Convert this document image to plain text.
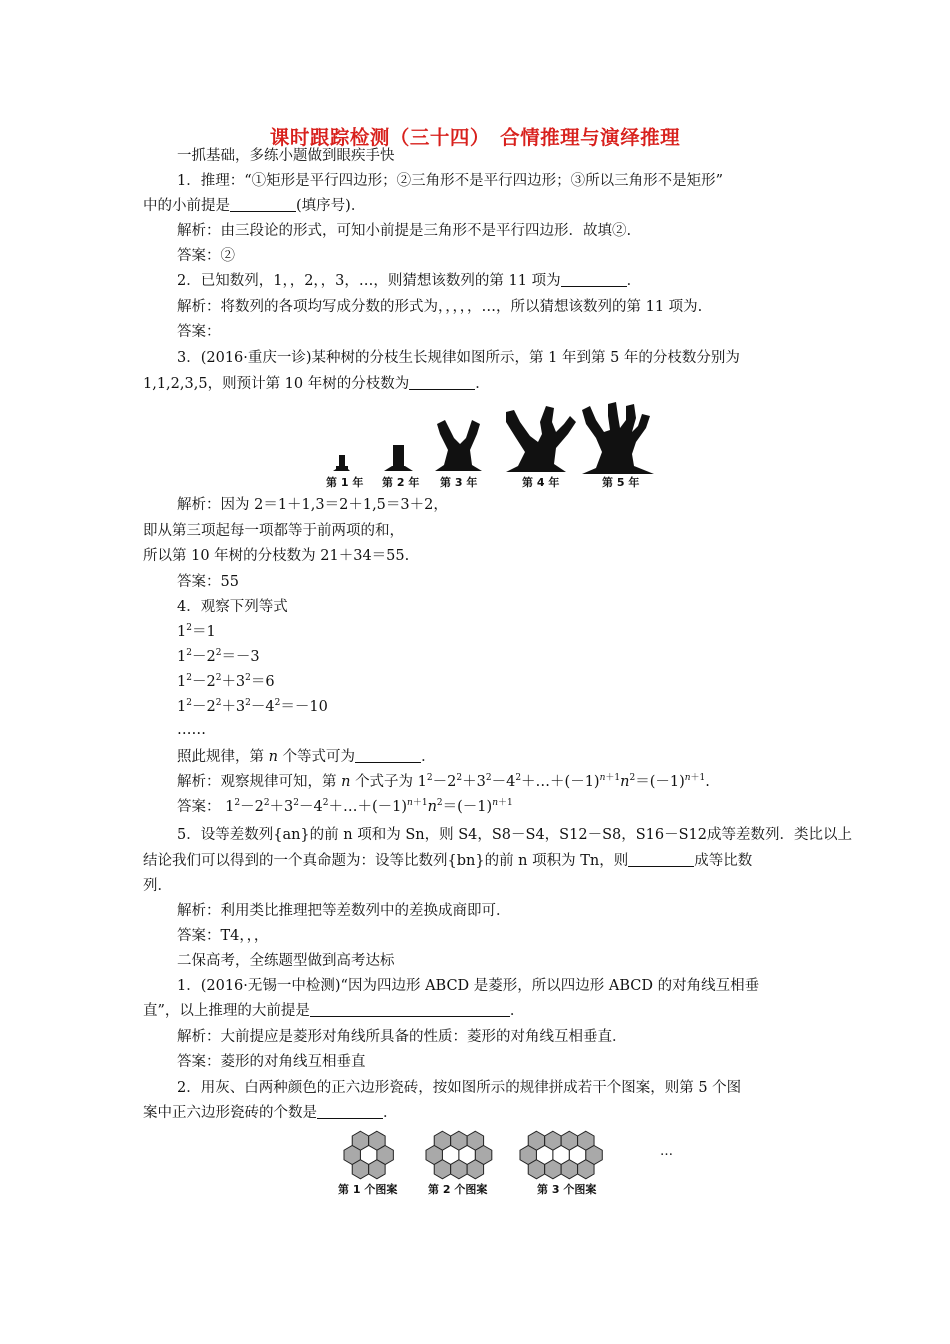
课时跟踪检测（三十四）　合情推理与演绎推理
一抓基础，多练小题做到眼疾手快
1．推理：“①矩形是平行四边形；②三角形不是平行四边形；③所以三角形不是矩形”
中的小前提是	(填序号)．
解析：由三段论的形式，可知小前提是三角形不是平行四边形．故填②.
答案：②
2．已知数列，1，，2，，3，…，则猜想该数列的第 11 项为	．
解析：将数列的各项均写成分数的形式为，，，，，…，所以猜想该数列的第 11 项为.
答案：
3．(2016·重庆一诊)某种树的分枝生长规律如图所示，第 1 年到第 5 年的分枝数分别为
1,1,2,3,5，则预计第 10 年树的分枝数为	．
第 1 年 第 2 年 第 3 年	第 4 年	第 5 年
解析：因为 2＝1＋1,3＝2＋1,5＝3＋2，
即从第三项起每一项都等于前两项的和，
所以第 10 年树的分枝数为 21＋34＝55.
答案：55
4．观察下列等式
$1^2=1$
$1^2-2^2=-3$
$1^2-2^2+3^2=6$
$1^2-2^2+3^2-4^2=-10$
……
照此规律，第 n 个等式可为	．
解析：观察规律可知，第 n 个式子为 $1^2-2^2+3^2-4^2+\dots+(-1)^{n+1}n^2=(-1)^{n+1}$.
答案： $1^2-2^2+3^2-4^2+\dots+(-1)^{n+1}n^2=(-1)^{n+1}$
5．设等差数列{an}的前 n 项和为 Sn，则 S4，S8－S4，S12－S8，S16－S12成等差数列．类比以上
结论我们可以得到的一个真命题为：设等比数列{bn}的前 n 项积为 Tn，则	成等比数
列．
解析：利用类比推理把等差数列中的差换成商即可．
答案：T4，，，
二保高考，全练题型做到高考达标
1．(2016·无锡一中检测)“因为四边形 ABCD 是菱形，所以四边形 ABCD 的对角线互相垂
直”，以上推理的大前提是	．
解析：大前提应是菱形对角线所具备的性质：菱形的对角线互相垂直．
答案：菱形的对角线互相垂直
2．用灰、白两种颜色的正六边形瓷砖，按如图所示的规律拼成若干个图案，则第 5 个图
案中正六边形瓷砖的个数是	．
第 1 个图案	第 2 个图案	第 3 个图案
…
